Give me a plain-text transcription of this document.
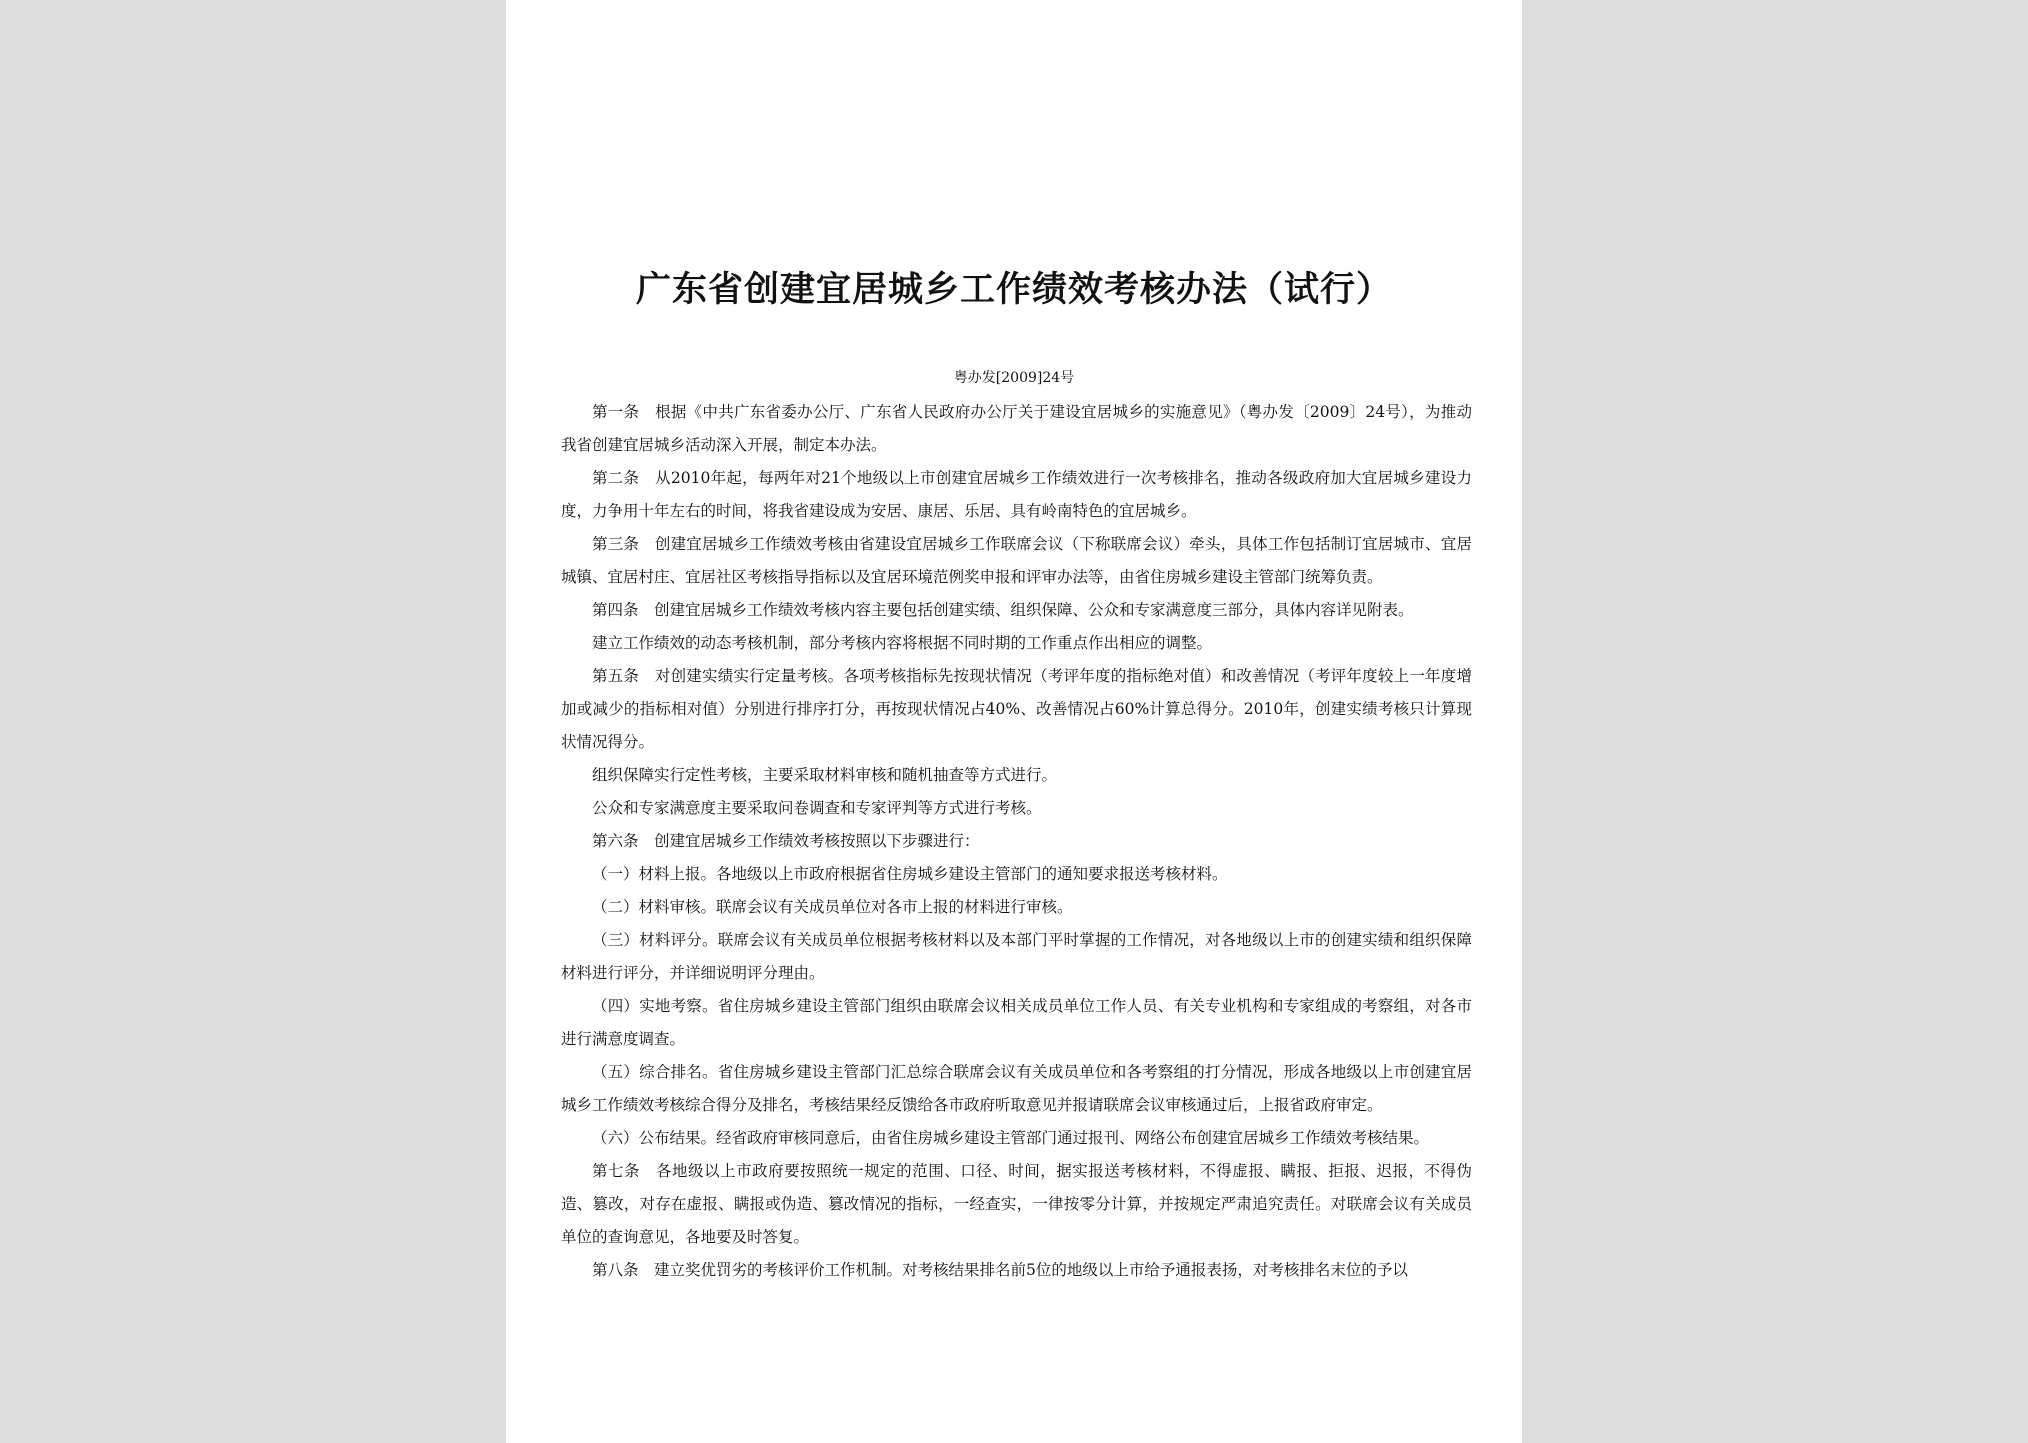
广东省创建宜居城乡工作绩效考核办法（试行）
粤办发[2009]24号

第一条　根据《中共广东省委办公厅、广东省人民政府办公厅关于建设宜居城乡的实施意见》（粤办发〔2009〕24号），为推动我省创建宜居城乡活动深入开展，制定本办法。

第二条　从2010年起，每两年对21个地级以上市创建宜居城乡工作绩效进行一次考核排名，推动各级政府加大宜居城乡建设力度，力争用十年左右的时间，将我省建设成为安居、康居、乐居、具有岭南特色的宜居城乡。

第三条　创建宜居城乡工作绩效考核由省建设宜居城乡工作联席会议（下称联席会议）牵头，具体工作包括制订宜居城市、宜居城镇、宜居村庄、宜居社区考核指导指标以及宜居环境范例奖申报和评审办法等，由省住房城乡建设主管部门统筹负责。

第四条　创建宜居城乡工作绩效考核内容主要包括创建实绩、组织保障、公众和专家满意度三部分，具体内容详见附表。

建立工作绩效的动态考核机制，部分考核内容将根据不同时期的工作重点作出相应的调整。

第五条　对创建实绩实行定量考核。各项考核指标先按现状情况（考评年度的指标绝对值）和改善情况（考评年度较上一年度增加或减少的指标相对值）分别进行排序打分，再按现状情况占40%、改善情况占60%计算总得分。2010年，创建实绩考核只计算现状情况得分。

组织保障实行定性考核，主要采取材料审核和随机抽查等方式进行。

公众和专家满意度主要采取问卷调查和专家评判等方式进行考核。

第六条　创建宜居城乡工作绩效考核按照以下步骤进行：

（一）材料上报。各地级以上市政府根据省住房城乡建设主管部门的通知要求报送考核材料。

（二）材料审核。联席会议有关成员单位对各市上报的材料进行审核。

（三）材料评分。联席会议有关成员单位根据考核材料以及本部门平时掌握的工作情况，对各地级以上市的创建实绩和组织保障材料进行评分，并详细说明评分理由。

（四）实地考察。省住房城乡建设主管部门组织由联席会议相关成员单位工作人员、有关专业机构和专家组成的考察组，对各市进行满意度调查。

（五）综合排名。省住房城乡建设主管部门汇总综合联席会议有关成员单位和各考察组的打分情况，形成各地级以上市创建宜居城乡工作绩效考核综合得分及排名，考核结果经反馈给各市政府听取意见并报请联席会议审核通过后，上报省政府审定。

（六）公布结果。经省政府审核同意后，由省住房城乡建设主管部门通过报刊、网络公布创建宜居城乡工作绩效考核结果。

第七条　各地级以上市政府要按照统一规定的范围、口径、时间，据实报送考核材料，不得虚报、瞒报、拒报、迟报，不得伪造、篡改，对存在虚报、瞒报或伪造、篡改情况的指标，一经查实，一律按零分计算，并按规定严肃追究责任。对联席会议有关成员单位的查询意见，各地要及时答复。

第八条　建立奖优罚劣的考核评价工作机制。对考核结果排名前5位的地级以上市给予通报表扬，对考核排名末位的予以
